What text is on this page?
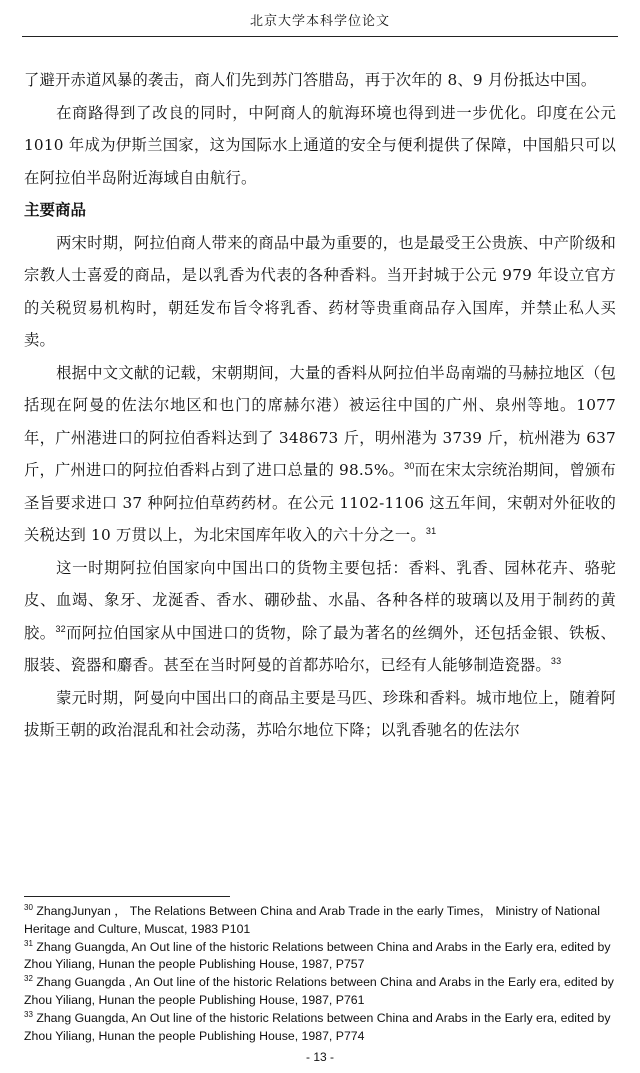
北京大学本科学位论文

了避开赤道风暴的袭击，商人们先到苏门答腊岛，再于次年的 8、9 月份抵达中国。

在商路得到了改良的同时，中阿商人的航海环境也得到进一步优化。印度在公元 1010 年成为伊斯兰国家，这为国际水上通道的安全与便利提供了保障，中国船只可以在阿拉伯半岛附近海域自由航行。

主要商品

两宋时期，阿拉伯商人带来的商品中最为重要的，也是最受王公贵族、中产阶级和宗教人士喜爱的商品，是以乳香为代表的各种香料。当开封城于公元 979 年设立官方的关税贸易机构时，朝廷发布旨令将乳香、药材等贵重商品存入国库，并禁止私人买卖。

根据中文文献的记载，宋朝期间，大量的香料从阿拉伯半岛南端的马赫拉地区（包括现在阿曼的佐法尔地区和也门的席赫尔港）被运往中国的广州、泉州等地。1077 年，广州港进口的阿拉伯香料达到了 348673 斤，明州港为 3739 斤，杭州港为 637 斤，广州进口的阿拉伯香料占到了进口总量的 98.5%。$^{30}$而在宋太宗统治期间，曾颁布圣旨要求进口 37 种阿拉伯草药药材。在公元 1102-1106 这五年间，宋朝对外征收的关税达到 10 万贯以上，为北宋国库年收入的六十分之一。$^{31}$

这一时期阿拉伯国家向中国出口的货物主要包括：香料、乳香、园林花卉、骆驼皮、血竭、象牙、龙涎香、香水、硼砂盐、水晶、各种各样的玻璃以及用于制药的黄胶。$^{32}$而阿拉伯国家从中国进口的货物，除了最为著名的丝绸外，还包括金银、铁板、服装、瓷器和麝香。甚至在当时阿曼的首都苏哈尔，已经有人能够制造瓷器。$^{33}$

蒙元时期，阿曼向中国出口的商品主要是马匹、珍珠和香料。城市地位上，随着阿拔斯王朝的政治混乱和社会动荡，苏哈尔地位下降；以乳香驰名的佐法尔

$^{30}$ ZhangJunyan ， The Relations Between China and Arab Trade in the early Times， Ministry of National Heritage and Culture, Muscat, 1983 P101

$^{31}$ Zhang Guangda, An Out line of the historic Relations between China and Arabs in the Early era, edited by Zhou Yiliang, Hunan the people Publishing House, 1987, P757

$^{32}$ Zhang Guangda , An Out line of the historic Relations between China and Arabs in the Early era, edited by Zhou Yiliang, Hunan the people Publishing House, 1987, P761

$^{33}$ Zhang Guangda, An Out line of the historic Relations between China and Arabs in the Early era, edited by Zhou Yiliang, Hunan the people Publishing House, 1987, P774

- 13 -
